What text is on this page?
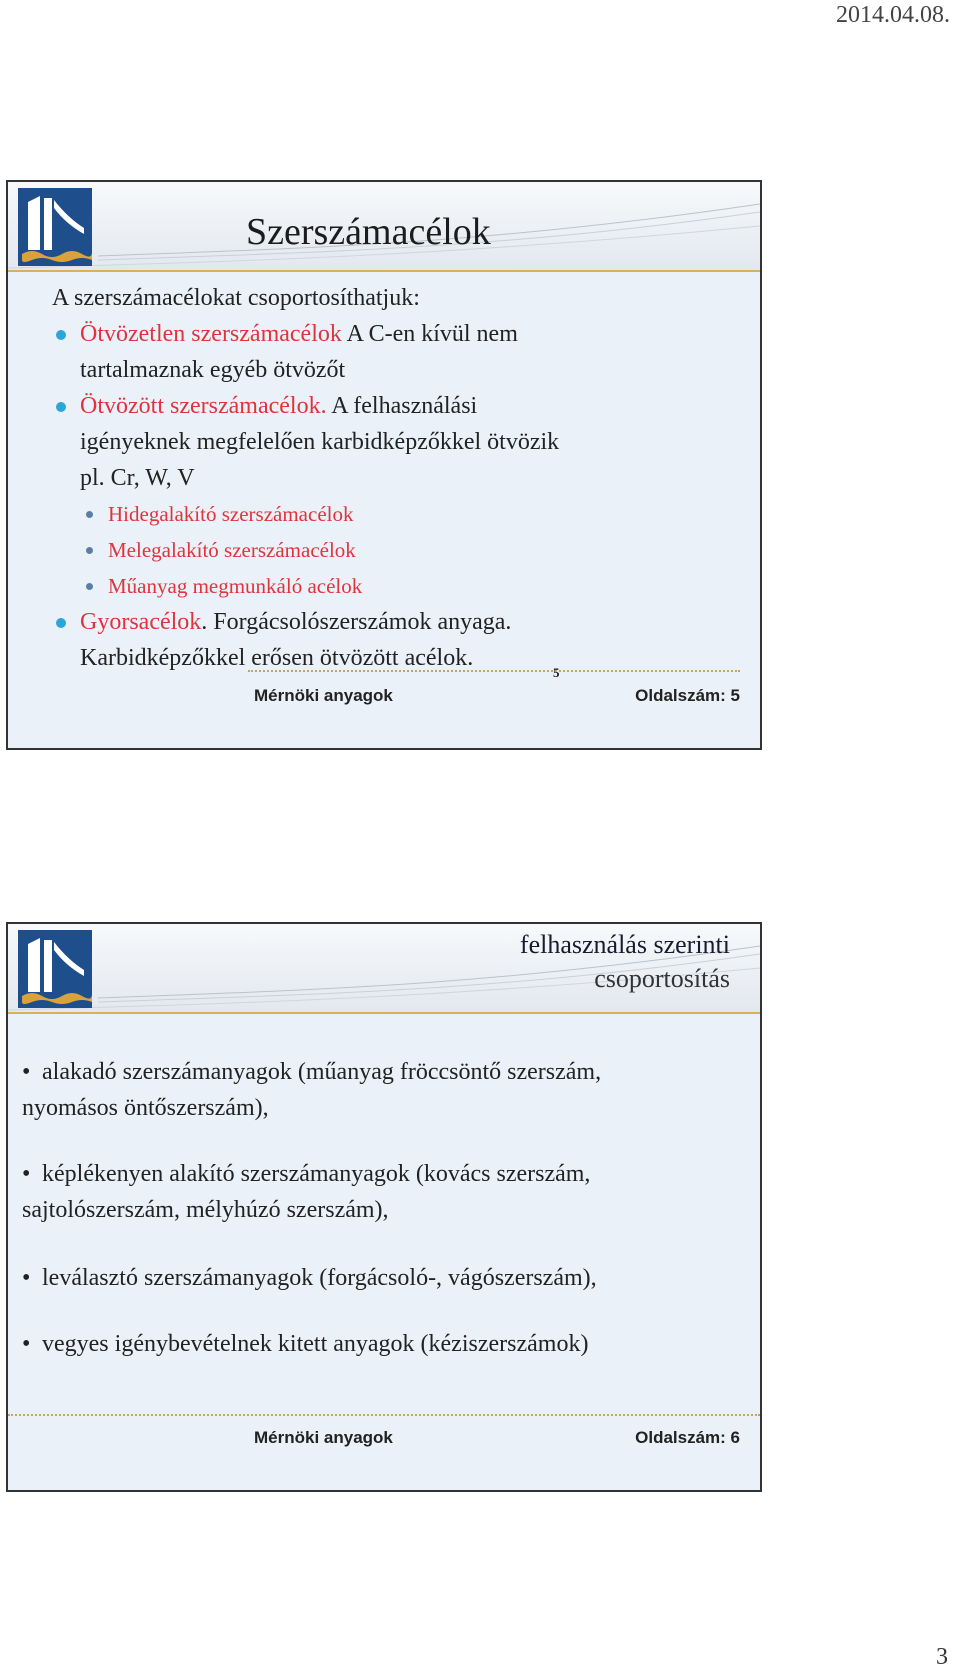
2014.04.08.
Szerszámacélok
A szerszámacélokat csoportosíthatjuk:
Ötvözetlen szerszámacélok A C-en kívül nem
tartalmaznak egyéb ötvözőt
Ötvözött szerszámacélok. A felhasználási
igényeknek megfelelően karbidképzőkkel ötvözik
pl. Cr, W, V
Hidegalakító szerszámacélok
Melegalakító szerszámacélok
Műanyag megmunkáló acélok
Gyorsacélok. Forgácsolószerszámok anyaga.
Karbidképzőkkel erősen ötvözött acélok.
5
Mérnöki anyagok	Oldalszám: 5
felhasználás szerinti
csoportosítás
• alakadó szerszámanyagok (műanyag fröccsöntő szerszám,
nyomásos öntőszerszám),
• képlékenyen alakító szerszámanyagok (kovács szerszám,
sajtolószerszám, mélyhúzó szerszám),
• leválasztó szerszámanyagok (forgácsoló-, vágószerszám),
• vegyes igénybevételnek kitett anyagok (kéziszerszámok)
Mérnöki anyagok	Oldalszám: 6
3
